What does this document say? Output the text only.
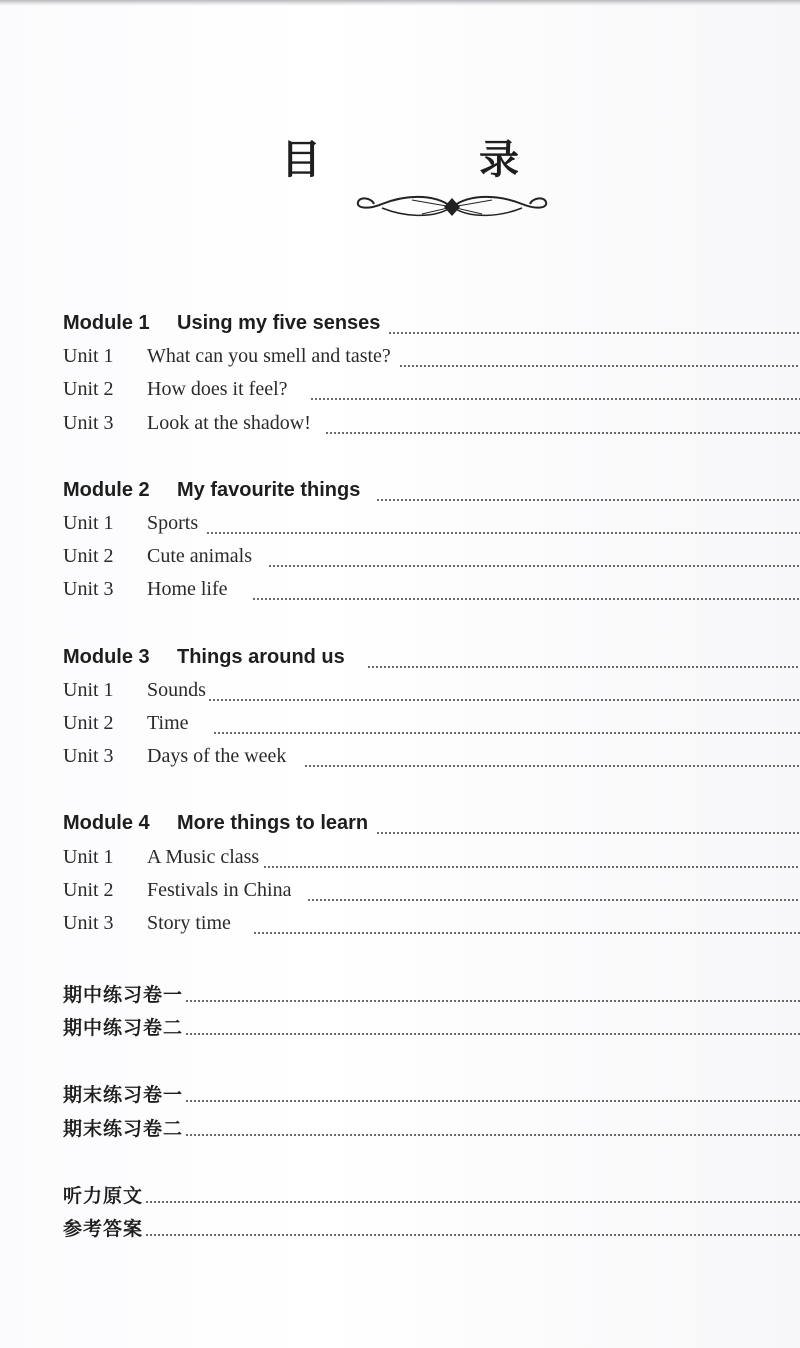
目 录
Module 1	Using my five senses
Unit 1	What can you smell and taste?
Unit 2	How does it feel?
Unit 3	Look at the shadow!
Module 2	My favourite things
Unit 1	Sports
Unit 2	Cute animals
Unit 3	Home life
Module 3	Things around us
Unit 1	Sounds
Unit 2	Time
Unit 3	Days of the week
Module 4	More things to learn
Unit 1	A Music class
Unit 2	Festivals in China
Unit 3	Story time
期中练习卷一
期中练习卷二
期末练习卷一
期末练习卷二
听力原文
参考答案
